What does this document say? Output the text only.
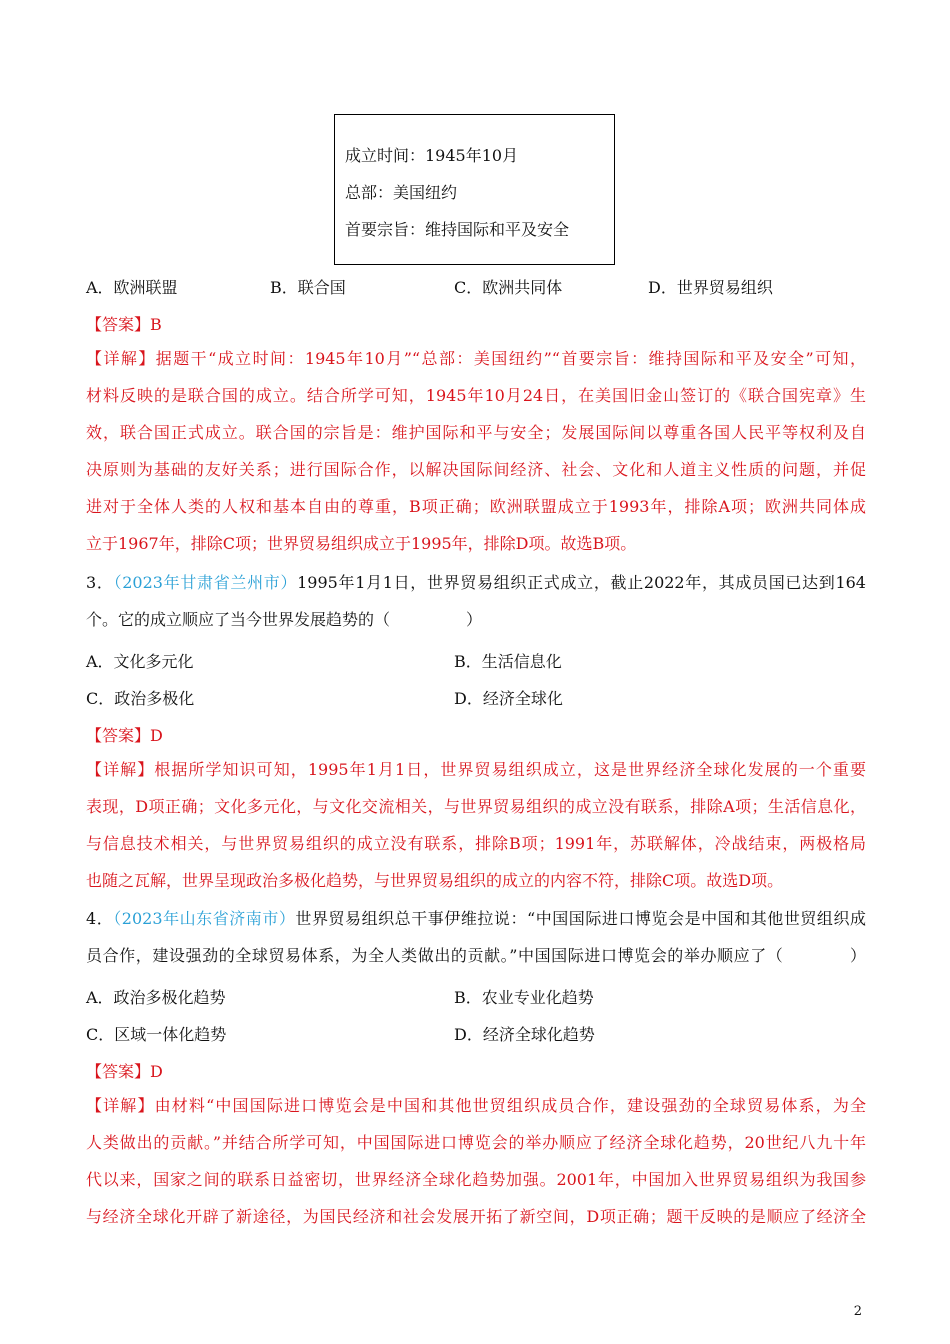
成立时间：1945年10月
总部：美国纽约
首要宗旨：维持国际和平及安全
A．欧洲联盟	B．联合国	C．欧洲共同体	D．世界贸易组织
【答案】B
【详解】据题干“成立时间：1945年10月”“总部：美国纽约”“首要宗旨：维持国际和平及安全”可知，
材料反映的是联合国的成立。结合所学可知，1945年10月24日，在美国旧金山签订的《联合国宪章》生
效，联合国正式成立。联合国的宗旨是：维护国际和平与安全；发展国际间以尊重各国人民平等权利及自
决原则为基础的友好关系；进行国际合作，以解决国际间经济、社会、文化和人道主义性质的问题，并促
进对于全体人类的人权和基本自由的尊重，B项正确；欧洲联盟成立于1993年，排除A项；欧洲共同体成
立于1967年，排除C项；世界贸易组织成立于1995年，排除D项。故选B项。
3．（2023年甘肃省兰州市）1995年1月1日，世界贸易组织正式成立，截止2022年，其成员国已达到164
个。它的成立顺应了当今世界发展趋势的（	）
A．文化多元化	B．生活信息化
C．政治多极化	D．经济全球化
【答案】D
【详解】根据所学知识可知，1995年1月1日，世界贸易组织成立，这是世界经济全球化发展的一个重要
表现，D项正确；文化多元化，与文化交流相关，与世界贸易组织的成立没有联系，排除A项；生活信息化，
与信息技术相关，与世界贸易组织的成立没有联系，排除B项；1991年，苏联解体，冷战结束，两极格局
也随之瓦解，世界呈现政治多极化趋势，与世界贸易组织的成立的内容不符，排除C项。故选D项。
4．（2023年山东省济南市）世界贸易组织总干事伊维拉说：“中国国际进口博览会是中国和其他世贸组织成
员合作，建设强劲的全球贸易体系，为全人类做出的贡献。”中国国际进口博览会的举办顺应了（	）
A．政治多极化趋势	B．农业专业化趋势
C．区域一体化趋势	D．经济全球化趋势
【答案】D
【详解】由材料“中国国际进口博览会是中国和其他世贸组织成员合作，建设强劲的全球贸易体系，为全
人类做出的贡献。”并结合所学可知，中国国际进口博览会的举办顺应了经济全球化趋势，20世纪八九十年
代以来，国家之间的联系日益密切，世界经济全球化趋势加强。2001年，中国加入世界贸易组织为我国参
与经济全球化开辟了新途径，为国民经济和社会发展开拓了新空间，D项正确；题干反映的是顺应了经济全
2
